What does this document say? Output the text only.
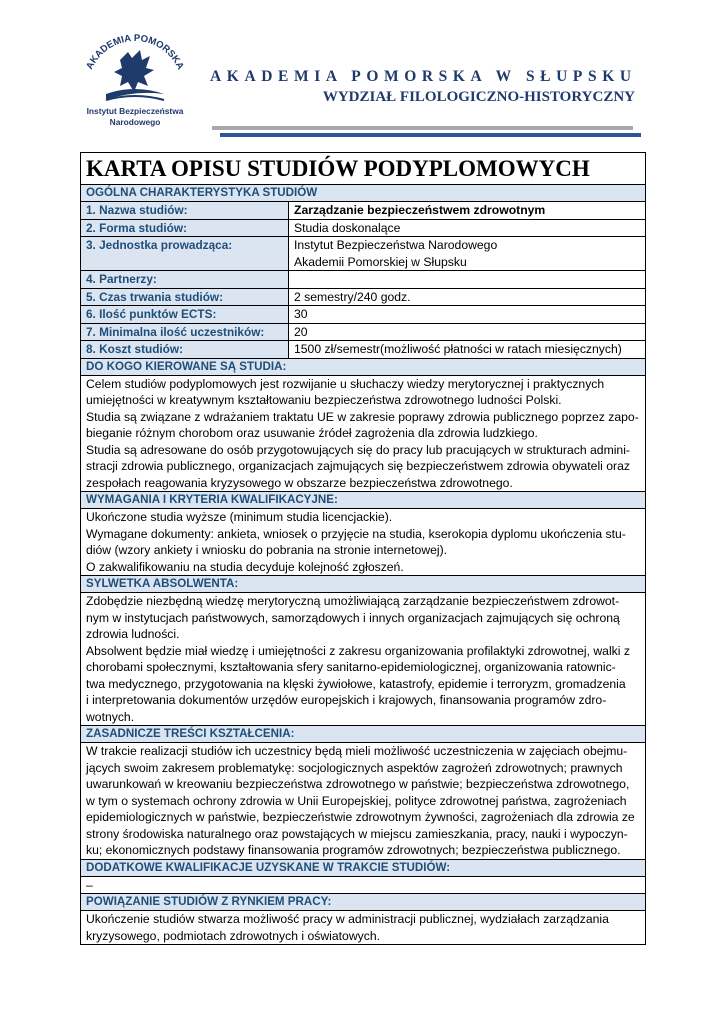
AKADEMIA POMORSKA
Instytut Bezpieczeństwa
Narodowego
AKADEMIA POMORSKA W SŁUPSKU
WYDZIAŁ FILOLOGICZNO-HISTORYCZNY
KARTA OPISU STUDIÓW PODYPLOMOWYCH
OGÓLNA CHARAKTERYSTYKA STUDIÓW
1. Nazwa studiów:	Zarządzanie bezpieczeństwem zdrowotnym
2. Forma studiów:	Studia doskonalące
3. Jednostka prowadząca:	Instytut Bezpieczeństwa Narodowego
Akademii Pomorskiej w Słupsku
4. Partnerzy:
5. Czas trwania studiów:	2 semestry/240 godz.
6. Ilość punktów ECTS:	30
7. Minimalna ilość uczestników:	20
8. Koszt studiów:	1500 zł/semestr(możliwość płatności w ratach miesięcznych)
DO KOGO KIEROWANE SĄ STUDIA:
Celem studiów podyplomowych jest rozwijanie u słuchaczy wiedzy merytorycznej i praktycznych
umiejętności w kreatywnym kształtowaniu bezpieczeństwa zdrowotnego ludności Polski.
Studia są związane z wdrażaniem traktatu UE w zakresie poprawy zdrowia publicznego poprzez zapo-
bieganie różnym chorobom oraz usuwanie źródeł zagrożenia dla zdrowia ludzkiego.
Studia są adresowane do osób przygotowujących się do pracy lub pracujących w strukturach admini-
stracji zdrowia publicznego, organizacjach zajmujących się bezpieczeństwem zdrowia obywateli oraz
zespołach reagowania kryzysowego w obszarze bezpieczeństwa zdrowotnego.
WYMAGANIA I KRYTERIA KWALIFIKACYJNE:
Ukończone studia wyższe (minimum studia licencjackie).
Wymagane dokumenty: ankieta, wniosek o przyjęcie na studia, kserokopia dyplomu ukończenia stu-
diów (wzory ankiety i wniosku do pobrania na stronie internetowej).
O zakwalifikowaniu na studia decyduje kolejność zgłoszeń.
SYLWETKA ABSOLWENTA:
Zdobędzie niezbędną wiedzę merytoryczną umożliwiającą zarządzanie bezpieczeństwem zdrowot-
nym w instytucjach państwowych, samorządowych i innych organizacjach zajmujących się ochroną
zdrowia ludności.
Absolwent będzie miał wiedzę i umiejętności z zakresu organizowania profilaktyki zdrowotnej, walki z
chorobami społecznymi, kształtowania sfery sanitarno-epidemiologicznej, organizowania ratownic-
twa medycznego, przygotowania na klęski żywiołowe, katastrofy, epidemie i terroryzm, gromadzenia
i interpretowania dokumentów urzędów europejskich i krajowych, finansowania programów zdro-
wotnych.
ZASADNICZE TREŚCI KSZTAŁCENIA:
W trakcie realizacji studiów ich uczestnicy będą mieli możliwość uczestniczenia w zajęciach obejmu-
jących swoim zakresem problematykę: socjologicznych aspektów zagrożeń zdrowotnych; prawnych
uwarunkowań w kreowaniu bezpieczeństwa zdrowotnego w państwie; bezpieczeństwa zdrowotnego,
w tym o systemach ochrony zdrowia w Unii Europejskiej, polityce zdrowotnej państwa, zagrożeniach
epidemiologicznych w państwie, bezpieczeństwie zdrowotnym żywności, zagrożeniach dla zdrowia ze
strony środowiska naturalnego oraz powstających w miejscu zamieszkania, pracy, nauki i wypoczyn-
ku; ekonomicznych podstawy finansowania programów zdrowotnych; bezpieczeństwa publicznego.
DODATKOWE KWALIFIKACJE UZYSKANE W TRAKCIE STUDIÓW:
–
POWIĄZANIE STUDIÓW Z RYNKIEM PRACY:
Ukończenie studiów stwarza możliwość pracy w administracji publicznej, wydziałach zarządzania
kryzysowego, podmiotach zdrowotnych i oświatowych.
